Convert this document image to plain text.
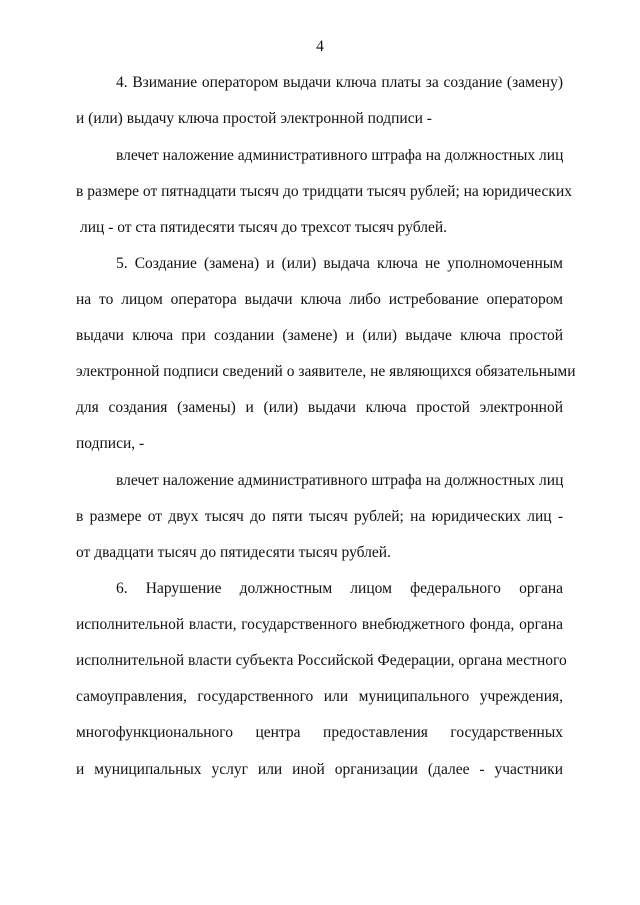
4
4. Взимание оператором выдачи ключа платы за создание (замену)
и (или) выдачу ключа простой электронной подписи -
влечет наложение административного штрафа на должностных лиц
в размере от пятнадцати тысяч до тридцати тысяч рублей; на юридических
лиц - от ста пятидесяти тысяч до трехсот тысяч рублей.
5. Создание (замена) и (или) выдача ключа не уполномоченным
на то лицом оператора выдачи ключа либо истребование оператором
выдачи ключа при создании (замене) и (или) выдаче ключа простой
электронной подписи сведений о заявителе, не являющихся обязательными
для создания (замены) и (или) выдачи ключа простой электронной
подписи, -
влечет наложение административного штрафа на должностных лиц
в размере от двух тысяч до пяти тысяч рублей; на юридических лиц -
от двадцати тысяч до пятидесяти тысяч рублей.
6. Нарушение должностным лицом федерального органа
исполнительной власти, государственного внебюджетного фонда, органа
исполнительной власти субъекта Российской Федерации, органа местного
самоуправления, государственного или муниципального учреждения,
многофункционального центра предоставления государственных
и муниципальных услуг или иной организации (далее - участники
